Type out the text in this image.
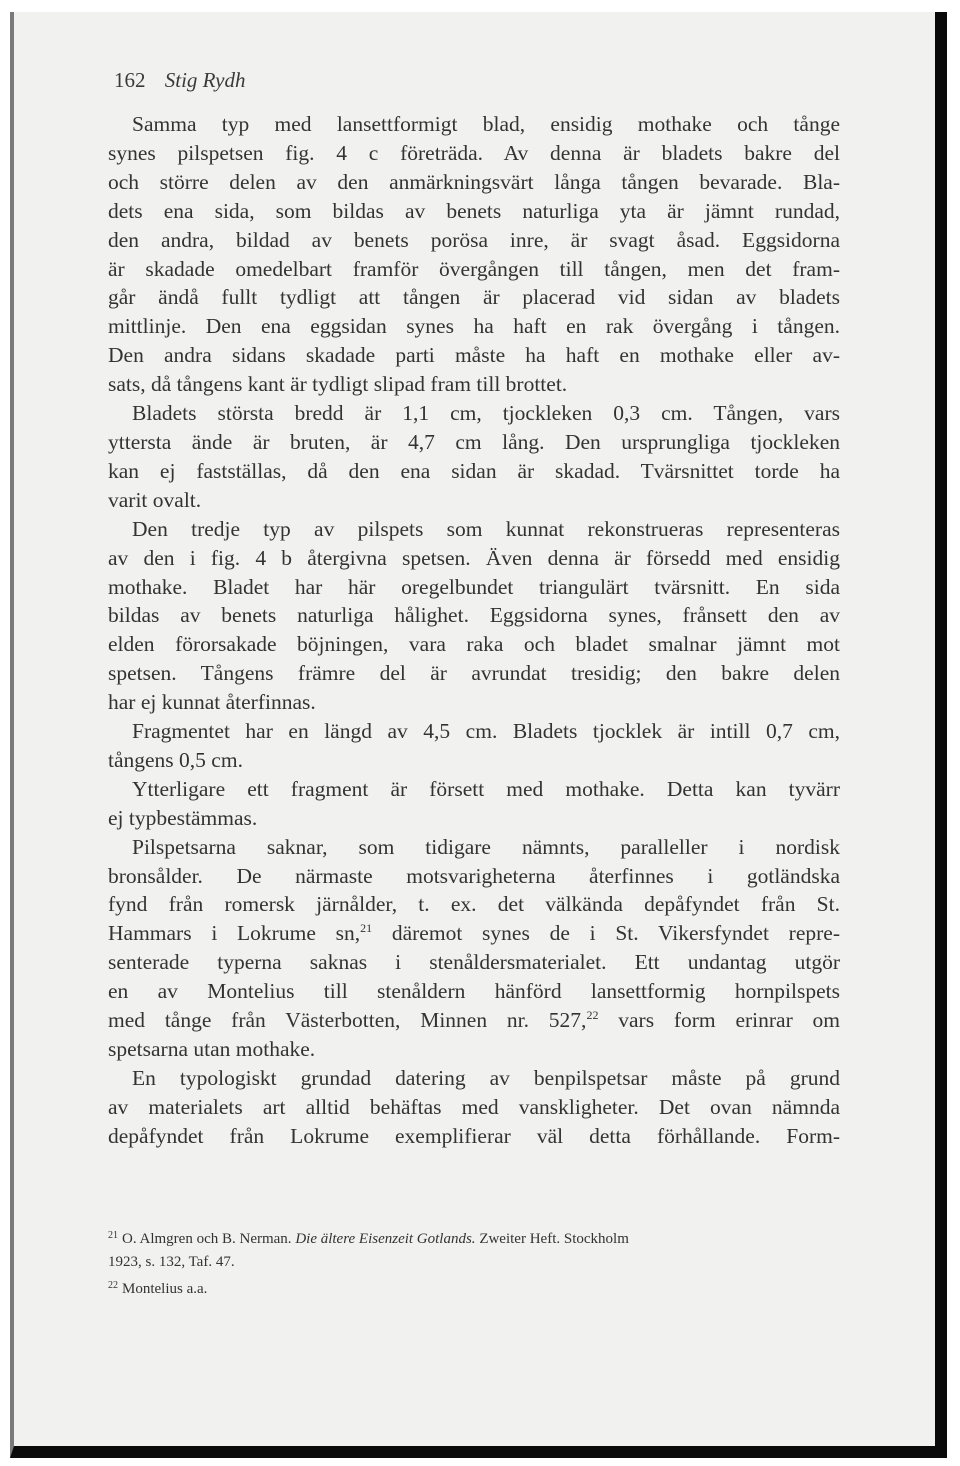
162 Stig Rydh
Samma typ med lansettformigt blad, ensidig mothake och tånge
synes pilspetsen fig. 4 c företräda. Av denna är bladets bakre del
och större delen av den anmärkningsvärt långa tången bevarade. Bla-
dets ena sida, som bildas av benets naturliga yta är jämnt rundad,
den andra, bildad av benets porösa inre, är svagt åsad. Eggsidorna
är skadade omedelbart framför övergången till tången, men det fram-
går ändå fullt tydligt att tången är placerad vid sidan av bladets
mittlinje. Den ena eggsidan synes ha haft en rak övergång i tången.
Den andra sidans skadade parti måste ha haft en mothake eller av-
sats, då tångens kant är tydligt slipad fram till brottet.
Bladets största bredd är 1,1 cm, tjockleken 0,3 cm. Tången, vars
yttersta ände är bruten, är 4,7 cm lång. Den ursprungliga tjockleken
kan ej fastställas, då den ena sidan är skadad. Tvärsnittet torde ha
varit ovalt.
Den tredje typ av pilspets som kunnat rekonstrueras representeras
av den i fig. 4 b återgivna spetsen. Även denna är försedd med ensidig
mothake. Bladet har här oregelbundet triangulärt tvärsnitt. En sida
bildas av benets naturliga hålighet. Eggsidorna synes, frånsett den av
elden förorsakade böjningen, vara raka och bladet smalnar jämnt mot
spetsen. Tångens främre del är avrundat tresidig; den bakre delen
har ej kunnat återfinnas.
Fragmentet har en längd av 4,5 cm. Bladets tjocklek är intill 0,7 cm,
tångens 0,5 cm.
Ytterligare ett fragment är försett med mothake. Detta kan tyvärr
ej typbestämmas.
Pilspetsarna saknar, som tidigare nämnts, paralleller i nordisk
bronsålder. De närmaste motsvarigheterna återfinnes i gotländska
fynd från romersk järnålder, t. ex. det välkända depåfyndet från St.
Hammars i Lokrume sn,$^{21}$ däremot synes de i St. Vikersfyndet repre-
senterade typerna saknas i stenåldersmaterialet. Ett undantag utgör
en av Montelius till stenåldern hänförd lansettformig hornpilspets
med tånge från Västerbotten, Minnen nr. 527,22 vars form erinrar om
spetsarna utan mothake.
En typologiskt grundad datering av benpilspetsar måste på grund
av materialets art alltid behäftas med vanskligheter. Det ovan nämnda
depåfyndet från Lokrume exemplifierar väl detta förhållande. Form-
$^{21}$ O. Almgren och B. Nerman. Die ältere Eisenzeit Gotlands. Zweiter Heft. Stockholm
1923, s. 132, Taf. 47.
$^{22}$ Montelius a.a.
